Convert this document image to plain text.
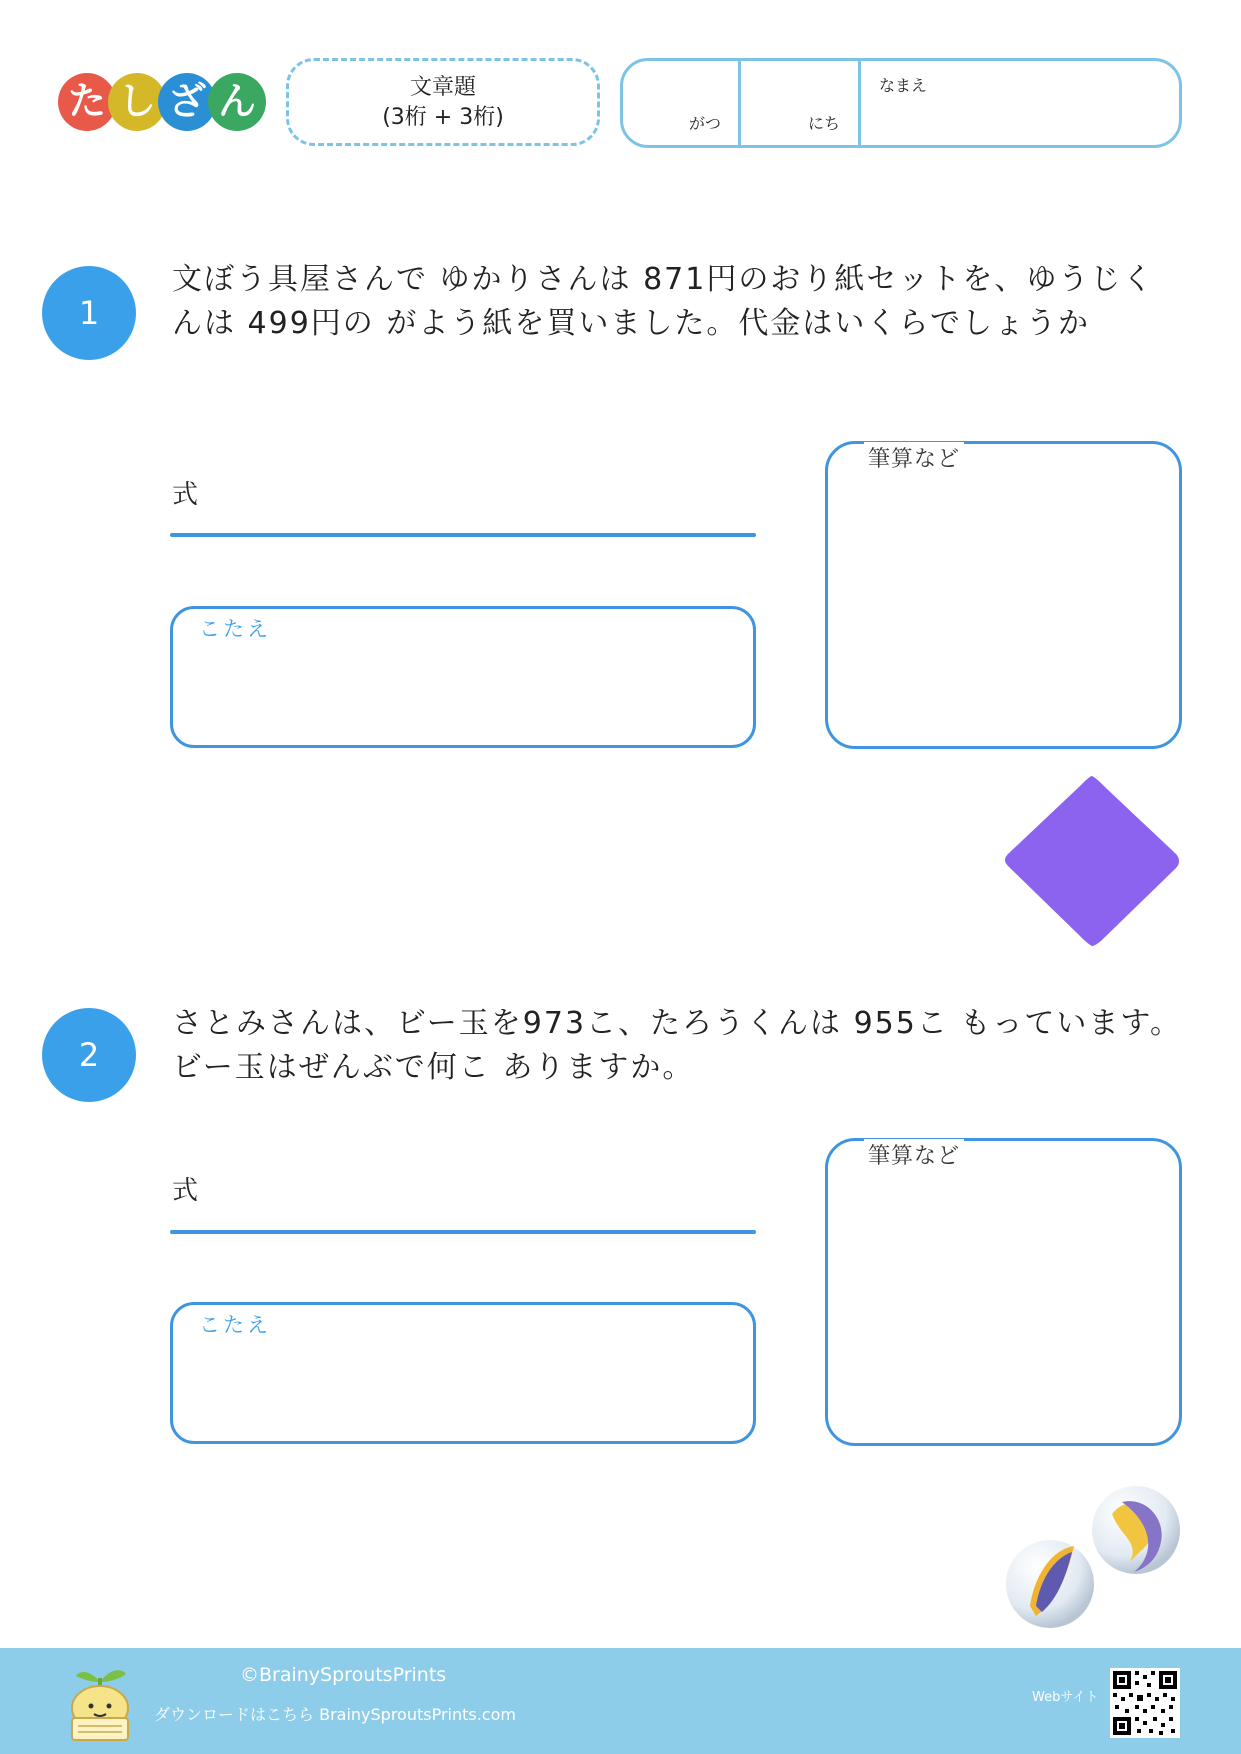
た し ざ ん	文章題
(3桁 + 3桁)	がつ	にち
なまえ
1
文ぼう具屋さんで ゆかりさんは 871円のおり紙セットを、ゆうじくんは 499円の がよう紙を買いました。代金はいくらでしょうか
式
こたえ
筆算など
2
さとみさんは、ビー玉を973こ、たろうくんは 955こ もっています。ビー玉はぜんぶで何こ ありますか。
式
こたえ
筆算など
©BrainySproutsPrints
ダウンロードはこちら BrainySproutsPrints.com
Webサイト
